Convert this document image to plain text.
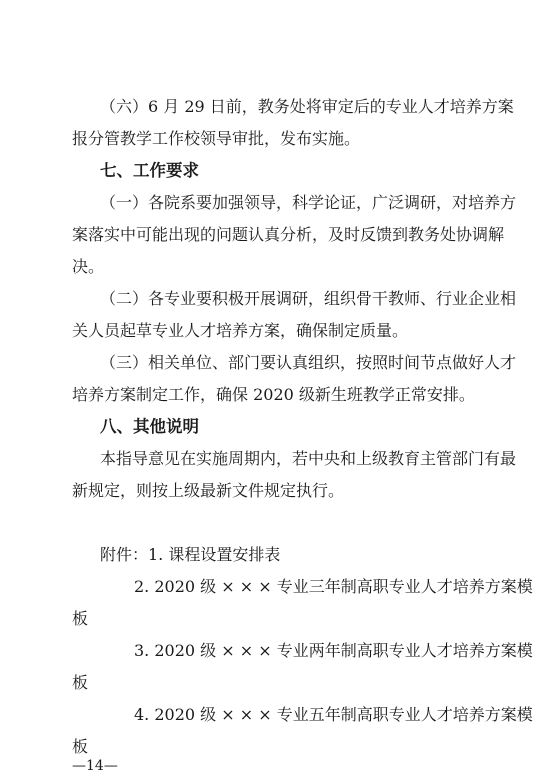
（六）6 月 29 日前，教务处将审定后的专业人才培养方案
报分管教学工作校领导审批，发布实施。
七、工作要求
（一）各院系要加强领导，科学论证，广泛调研，对培养方
案落实中可能出现的问题认真分析，及时反馈到教务处协调解
决。
（二）各专业要积极开展调研，组织骨干教师、行业企业相
关人员起草专业人才培养方案，确保制定质量。
（三）相关单位、部门要认真组织，按照时间节点做好人才
培养方案制定工作，确保 2020 级新生班教学正常安排。
八、其他说明
本指导意见在实施周期内，若中央和上级教育主管部门有最
新规定，则按上级最新文件规定执行。
附件：1. 课程设置安排表
2. 2020 级 × × × 专业三年制高职专业人才培养方案模
板
3. 2020 级 × × × 专业两年制高职专业人才培养方案模
板
4. 2020 级 × × × 专业五年制高职专业人才培养方案模
板
—14—
